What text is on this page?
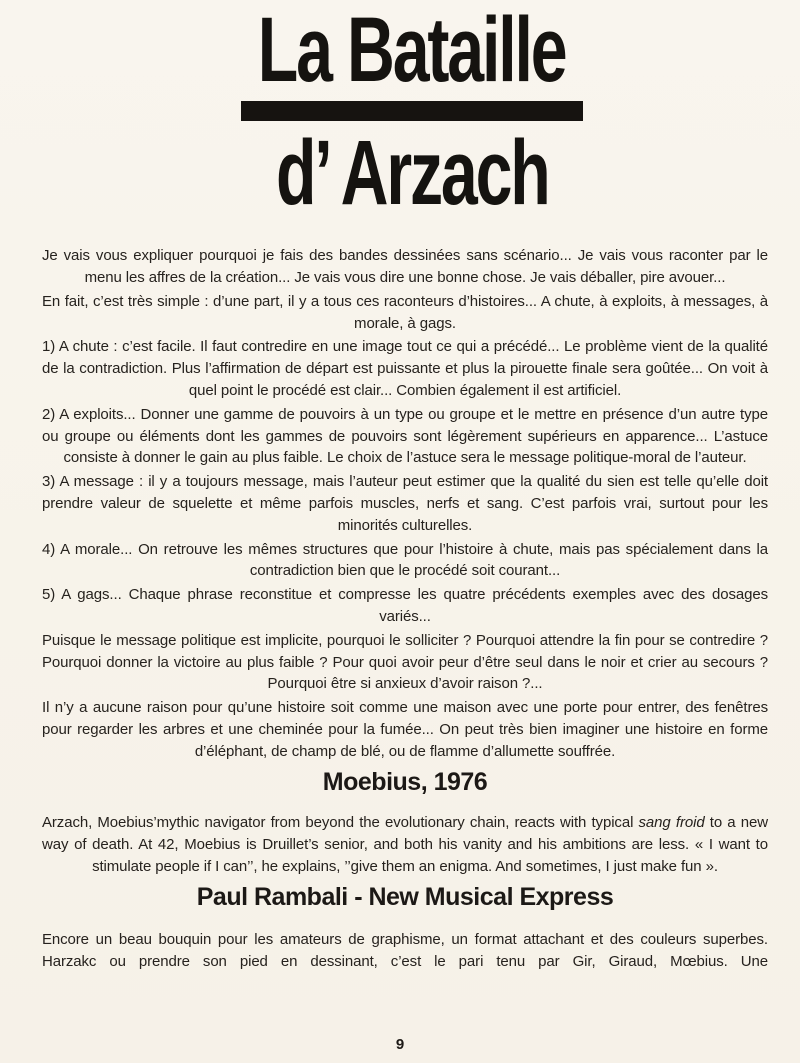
La Bataille
d’ Arzach

Je vais vous expliquer pourquoi je fais des bandes dessinées sans scénario... Je vais vous raconter par le menu les affres de la création... Je vais vous dire une bonne chose. Je vais déballer, pire avouer...

En fait, c’est très simple : d’une part, il y a tous ces raconteurs d’histoires... A chute, à exploits, à messages, à morale, à gags.

1) A chute : c’est facile. Il faut contredire en une image tout ce qui a précédé... Le problème vient de la qualité de la contradiction. Plus l’affirmation de départ est puissante et plus la pirouette finale sera goûtée... On voit à quel point le procédé est clair... Combien également il est artificiel.

2) A exploits... Donner une gamme de pouvoirs à un type ou groupe et le mettre en présence d’un autre type ou groupe ou éléments dont les gammes de pouvoirs sont légèrement supérieurs en apparence... L’astuce consiste à donner le gain au plus faible. Le choix de l’astuce sera le message politique-moral de l’auteur.

3) A message : il y a toujours message, mais l’auteur peut estimer que la qualité du sien est telle qu’elle doit prendre valeur de squelette et même parfois muscles, nerfs et sang. C’est parfois vrai, surtout pour les minorités culturelles.

4) A morale... On retrouve les mêmes structures que pour l’histoire à chute, mais pas spécialement dans la contradiction bien que le procédé soit courant...

5) A gags... Chaque phrase reconstitue et compresse les quatre précédents exemples avec des dosages variés...

Puisque le message politique est implicite, pourquoi le solliciter ? Pourquoi attendre la fin pour se contredire ? Pourquoi donner la victoire au plus faible ? Pour quoi avoir peur d’être seul dans le noir et crier au secours ? Pourquoi être si anxieux d’avoir raison ?...

Il n’y a aucune raison pour qu’une histoire soit comme une maison avec une porte pour entrer, des fenêtres pour regarder les arbres et une cheminée pour la fumée... On peut très bien imaginer une histoire en forme d’éléphant, de champ de blé, ou de flamme d’allumette souffrée.

Moebius, 1976

Arzach, Moebius’mythic navigator from beyond the evolutionary chain, reacts with typical sang froid to a new way of death. At 42, Moebius is Druillet’s senior, and both his vanity and his ambitions are less. « I want to stimulate people if I can’’, he explains, ’’give them an enigma. And sometimes, I just make fun ».

Paul Rambali - New Musical Express

Encore un beau bouquin pour les amateurs de graphisme, un format attachant et des couleurs superbes. Harzakc ou prendre son pied en dessinant, c’est le pari tenu par Gir, Giraud, Mœbius. Une

9
